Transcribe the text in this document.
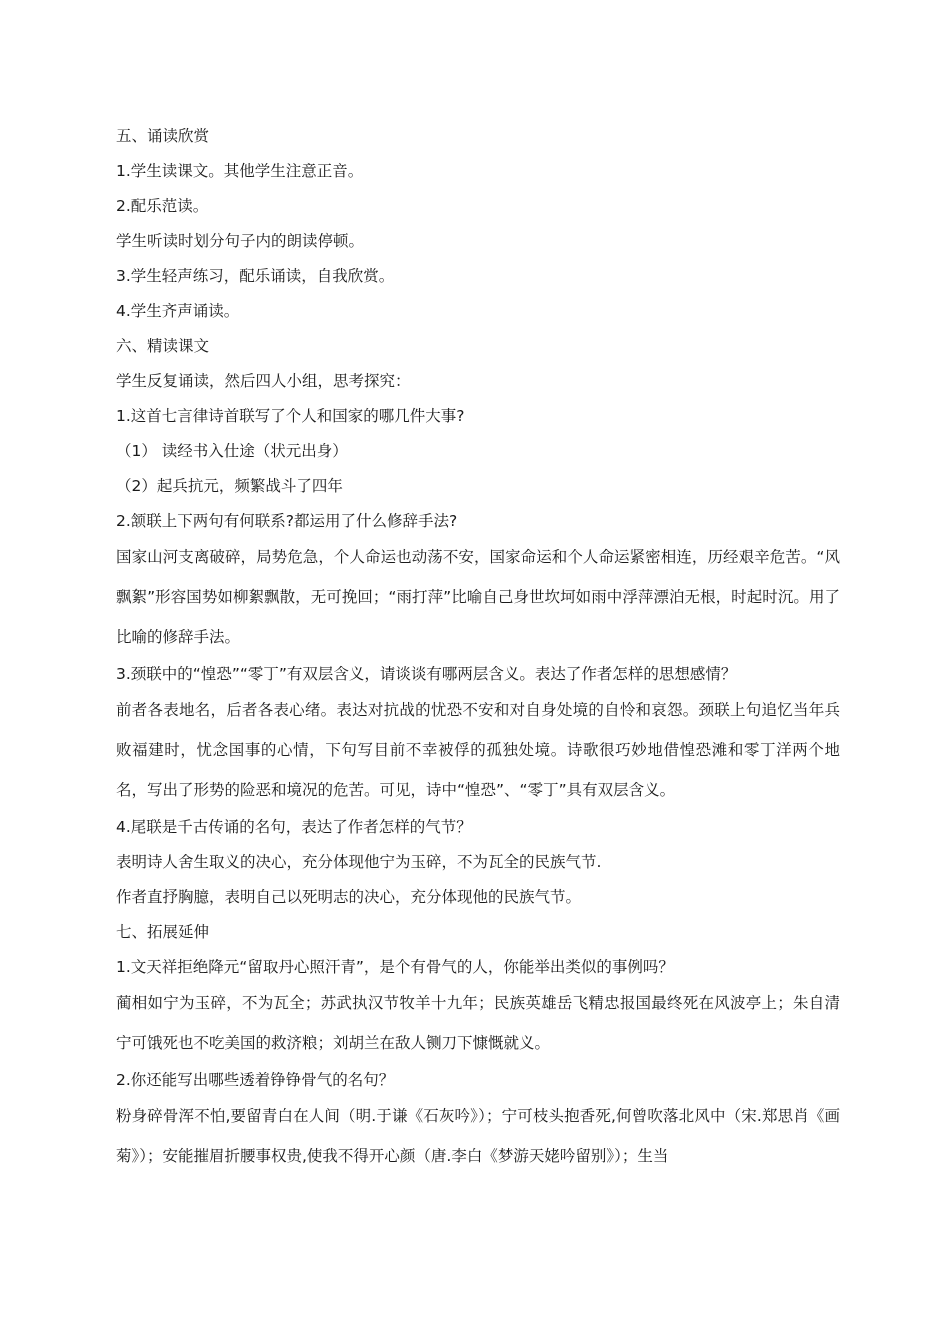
五、诵读欣赏

1.学生读课文。其他学生注意正音。

2.配乐范读。

学生听读时划分句子内的朗读停顿。

3.学生轻声练习，配乐诵读，自我欣赏。

4.学生齐声诵读。

六、精读课文

学生反复诵读，然后四人小组，思考探究：

1.这首七言律诗首联写了个人和国家的哪几件大事?

（1） 读经书入仕途（状元出身）

（2）起兵抗元，频繁战斗了四年

2.颔联上下两句有何联系?都运用了什么修辞手法?

国家山河支离破碎，局势危急，个人命运也动荡不安，国家命运和个人命运紧密相连，历经艰辛危苦。“风飘絮”形容国势如柳絮飘散，无可挽回；“雨打萍”比喻自己身世坎坷如雨中浮萍漂泊无根，时起时沉。用了比喻的修辞手法。

3.颈联中的“惶恐”“零丁”有双层含义，请谈谈有哪两层含义。表达了作者怎样的思想感情？

前者各表地名，后者各表心绪。表达对抗战的忧恐不安和对自身处境的自怜和哀怨。颈联上句追忆当年兵败福建时，忧念国事的心情，下句写目前不幸被俘的孤独处境。诗歌很巧妙地借惶恐滩和零丁洋两个地名，写出了形势的险恶和境况的危苦。可见，诗中“惶恐”、“零丁”具有双层含义。

4.尾联是千古传诵的名句，表达了作者怎样的气节？

表明诗人舍生取义的决心，充分体现他宁为玉碎，不为瓦全的民族气节.

作者直抒胸臆，表明自己以死明志的决心，充分体现他的民族气节。

七、拓展延伸

1.文天祥拒绝降元“留取丹心照汗青”，是个有骨气的人，你能举出类似的事例吗？

蔺相如宁为玉碎，不为瓦全；苏武执汉节牧羊十九年；民族英雄岳飞精忠报国最终死在风波亭上；朱自清宁可饿死也不吃美国的救济粮；刘胡兰在敌人铡刀下慷慨就义。

2.你还能写出哪些透着铮铮骨气的名句？

粉身碎骨浑不怕,要留青白在人间（明.于谦《石灰吟》）；宁可枝头抱香死,何曾吹落北风中（宋.郑思肖《画菊》）；安能摧眉折腰事权贵,使我不得开心颜（唐.李白《梦游天姥吟留别》）；生当
